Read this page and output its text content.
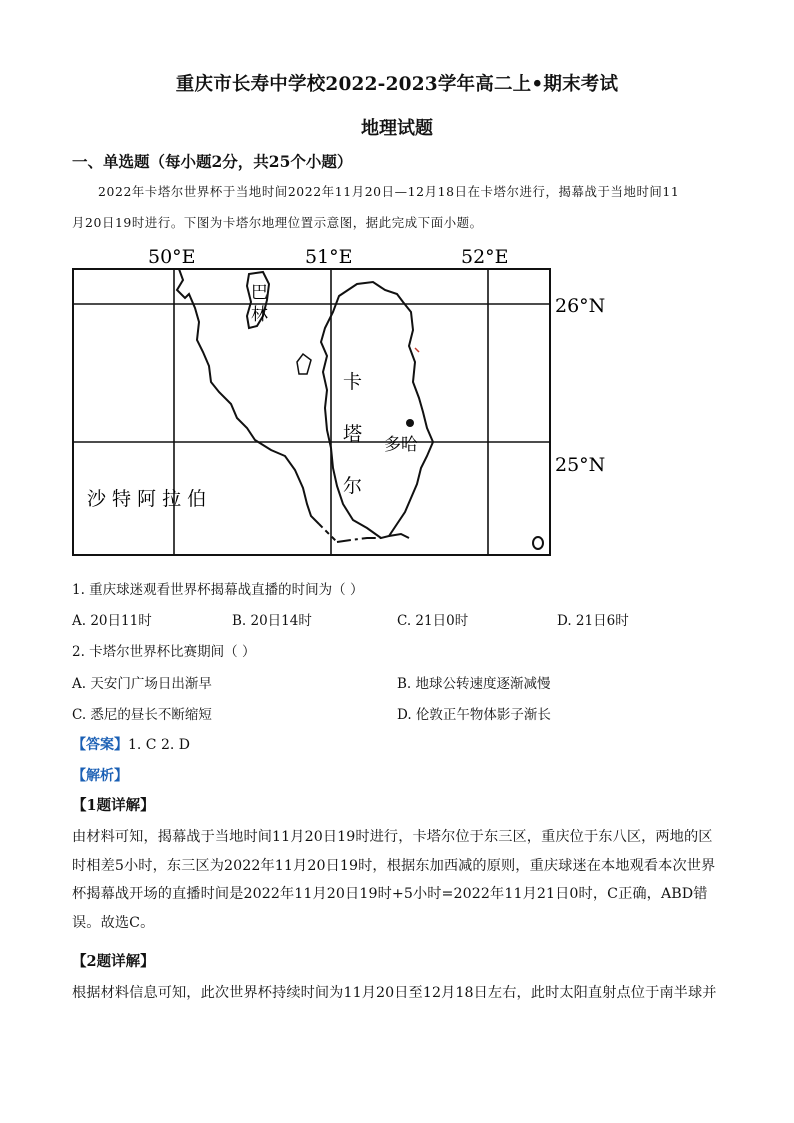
重庆市长寿中学校2022-2023学年高二上•期末考试
地理试题
一、单选题（每小题2分，共25个小题）
2022年卡塔尔世界杯于当地时间2022年11月20日—12月18日在卡塔尔进行，揭幕战于当地时间11
月20日19时进行。下图为卡塔尔地理位置示意图，据此完成下面小题。
50°E	51°E	52°E
26°N
25°N
巴
林
卡
塔
尔
多哈
沙 特 阿 拉 伯
1. 重庆球迷观看世界杯揭幕战直播的时间为（ ）
A. 20日11时	B. 20日14时	C. 21日0时	D. 21日6时
2. 卡塔尔世界杯比赛期间（ ）
A. 天安门广场日出渐早	B. 地球公转速度逐渐减慢
C. 悉尼的昼长不断缩短	D. 伦敦正午物体影子渐长
【答案】1. C 2. D
【解析】
【1题详解】
由材料可知，揭幕战于当地时间11月20日19时进行，卡塔尔位于东三区，重庆位于东八区，两地的区
时相差5小时，东三区为2022年11月20日19时，根据东加西减的原则，重庆球迷在本地观看本次世界
杯揭幕战开场的直播时间是2022年11月20日19时+5小时=2022年11月21日0时，C正确，ABD错
误。故选C。
【2题详解】
根据材料信息可知，此次世界杯持续时间为11月20日至12月18日左右，此时太阳直射点位于南半球并
